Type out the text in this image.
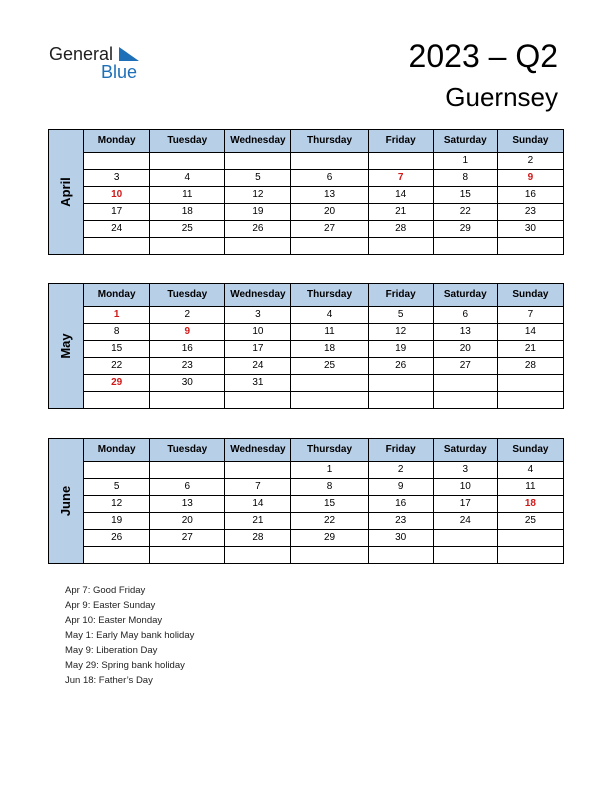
General
Blue	2023 – Q2
Guernsey
April	Monday	Tuesday	Wednesday	Thursday	Friday	Saturday	Sunday
						1	2
	3	4	5	6	7	8	9
	10	11	12	13	14	15	16
	17	18	19	20	21	22	23
	24	25	26	27	28	29	30

May	Monday	Tuesday	Wednesday	Thursday	Friday	Saturday	Sunday
	1	2	3	4	5	6	7
	8	9	10	11	12	13	14
	15	16	17	18	19	20	21
	22	23	24	25	26	27	28
	29	30	31				

June	Monday	Tuesday	Wednesday	Thursday	Friday	Saturday	Sunday
				1	2	3	4
	5	6	7	8	9	10	11
	12	13	14	15	16	17	18
	19	20	21	22	23	24	25
	26	27	28	29	30		

Apr 7: Good Friday
Apr 9: Easter Sunday
Apr 10: Easter Monday
May 1: Early May bank holiday
May 9: Liberation Day
May 29: Spring bank holiday
Jun 18: Father’s Day
